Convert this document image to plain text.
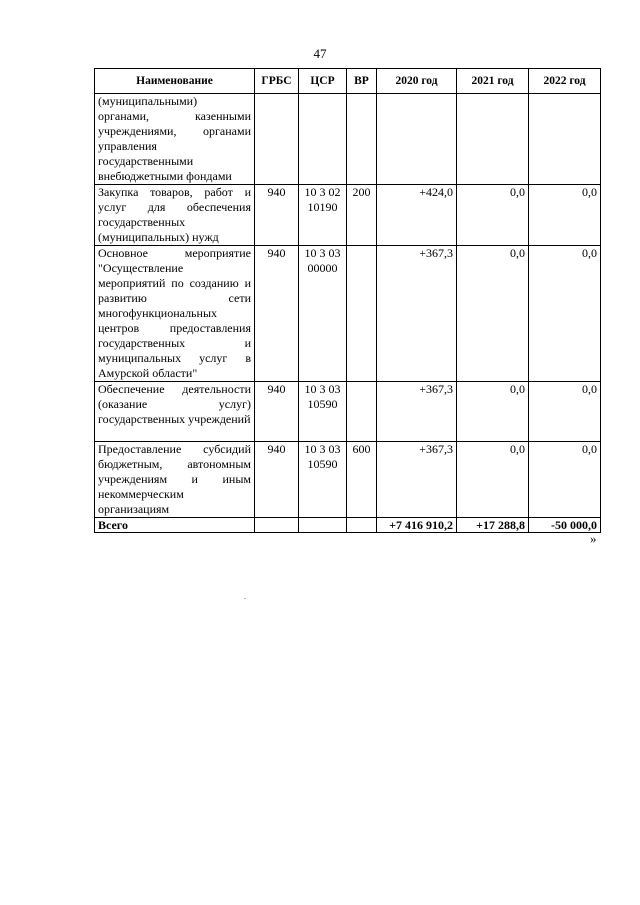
47
Наименование	ГРБС	ЦСР	ВР	2020 год	2021 год	2022 год
(муниципальными) органами, казенными учреждениями, органами управления государственными внебюджетными фондами						
Закупка товаров, работ и услуг для обеспечения государственных (муниципальных) нужд	940	10 3 02 10190	200	+424,0	0,0	0,0
Основное мероприятие "Осуществление мероприятий по созданию и развитию сети многофункциональных центров предоставления государственных и муниципальных услуг в Амурской области"	940	10 3 03 00000		+367,3	0,0	0,0
Обеспечение деятельности (оказание услуг) государственных учреждений	940	10 3 03 10590		+367,3	0,0	0,0
Предоставление субсидий бюджетным, автономным учреждениям и иным некоммерческим организациям	940	10 3 03 10590	600	+367,3	0,0	0,0
Всего				+7 416 910,2	+17 288,8	-50 000,0
»
